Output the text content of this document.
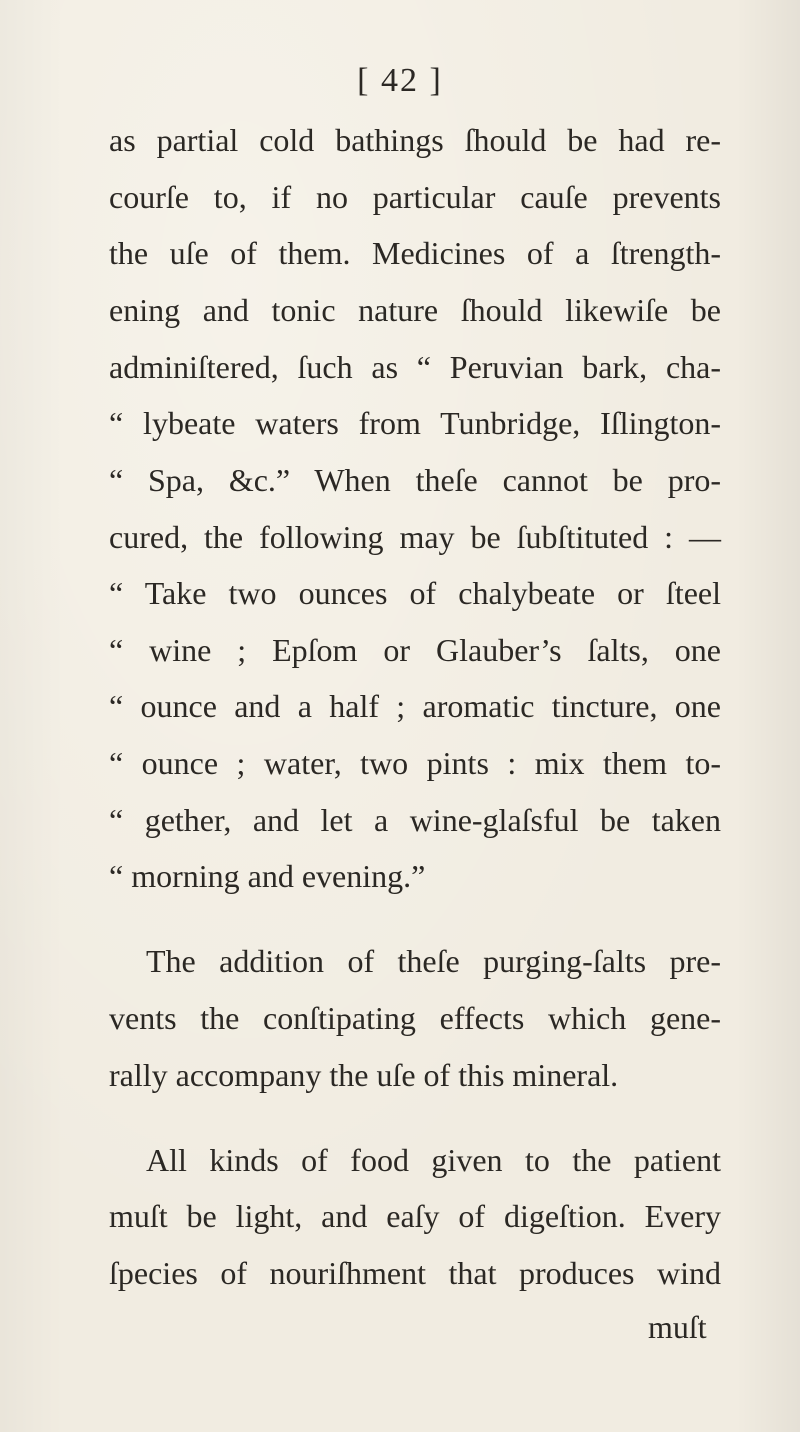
[ 42 ]
as partial cold bathings ſhould be had re-
courſe to, if no particular cauſe prevents
the uſe of them. Medicines of a ſtrength-
ening and tonic nature ſhould likewiſe be
adminiſtered, ſuch as “ Peruvian bark, cha-
“ lybeate waters from Tunbridge, Iſlington-
“ Spa, &c.” When theſe cannot be pro-
cured, the following may be ſubſtituted : —
“ Take two ounces of chalybeate or ſteel
“ wine ; Epſom or Glauber’s ſalts, one
“ ounce and a half ; aromatic tincture, one
“ ounce ; water, two pints : mix them to-
“ gether, and let a wine-glaſsful be taken
“ morning and evening.”
The addition of theſe purging-ſalts pre-
vents the conſtipating effects which gene-
rally accompany the uſe of this mineral.
All kinds of food given to the patient
muſt be light, and eaſy of digeſtion. Every
ſpecies of nouriſhment that produces wind
muſt
